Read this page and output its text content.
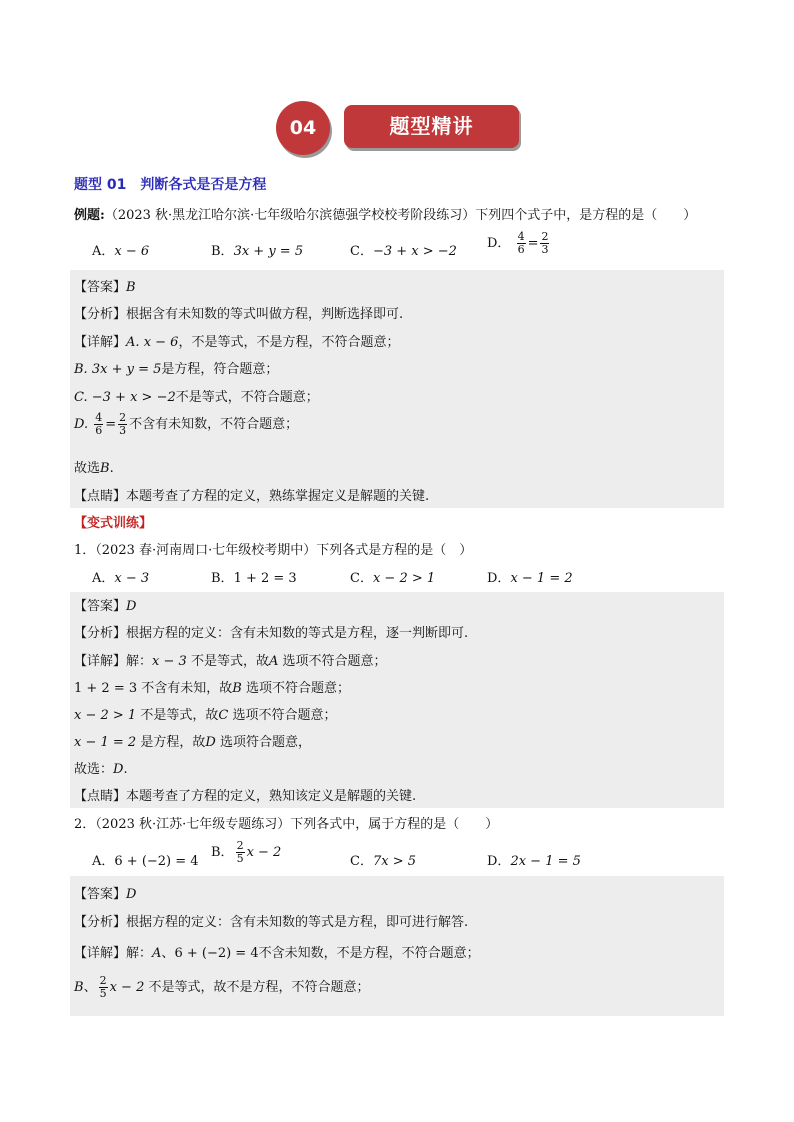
04	题型精讲
题型 01　判断各式是否是方程
例题:（2023 秋·黑龙江哈尔滨·七年级哈尔滨德强学校校考阶段练习）下列四个式子中，是方程的是（　　）
A．x − 6	B．3x + y = 5	C．−3 + x > −2
D． $\frac{4}{6} = \frac{2}{3}$
【答案】B
【分析】根据含有未知数的等式叫做方程，判断选择即可.
【详解】A. x − 6，不是等式，不是方程，不符合题意；
B. 3x + y = 5是方程，符合题意；
C. −3 + x > −2不是等式，不符合题意；
D. $\frac{4}{6} = \frac{2}{3}$ 不含有未知数，不符合题意；
故选B.
【点睛】本题考查了方程的定义，熟练掌握定义是解题的关键.
【变式训练】
1．（2023 春·河南周口·七年级校考期中）下列各式是方程的是（　）
A．x − 3	B．1 + 2 = 3	C．x − 2 > 1	D．x − 1 = 2
【答案】D
【分析】根据方程的定义：含有未知数的等式是方程，逐一判断即可.
【详解】解：x − 3 不是等式，故A 选项不符合题意；
1 + 2 = 3 不含有未知，故B 选项不符合题意；
x − 2 > 1 不是等式，故C 选项不符合题意；
x − 1 = 2 是方程，故D 选项符合题意，
故选：D.
【点睛】本题考查了方程的定义，熟知该定义是解题的关键.
2．（2023 秋·江苏·七年级专题练习）下列各式中，属于方程的是（　　）
A．6 + (−2) = 4
B． $\frac{2}{5}$ x − 2
C．7x > 5	D．2x − 1 = 5
【答案】D
【分析】根据方程的定义：含有未知数的等式是方程，即可进行解答.
【详解】解：A、6 + (−2) = 4不含未知数，不是方程，不符合题意；
B、 $\frac{2}{5}$ x − 2 不是等式，故不是方程，不符合题意；
